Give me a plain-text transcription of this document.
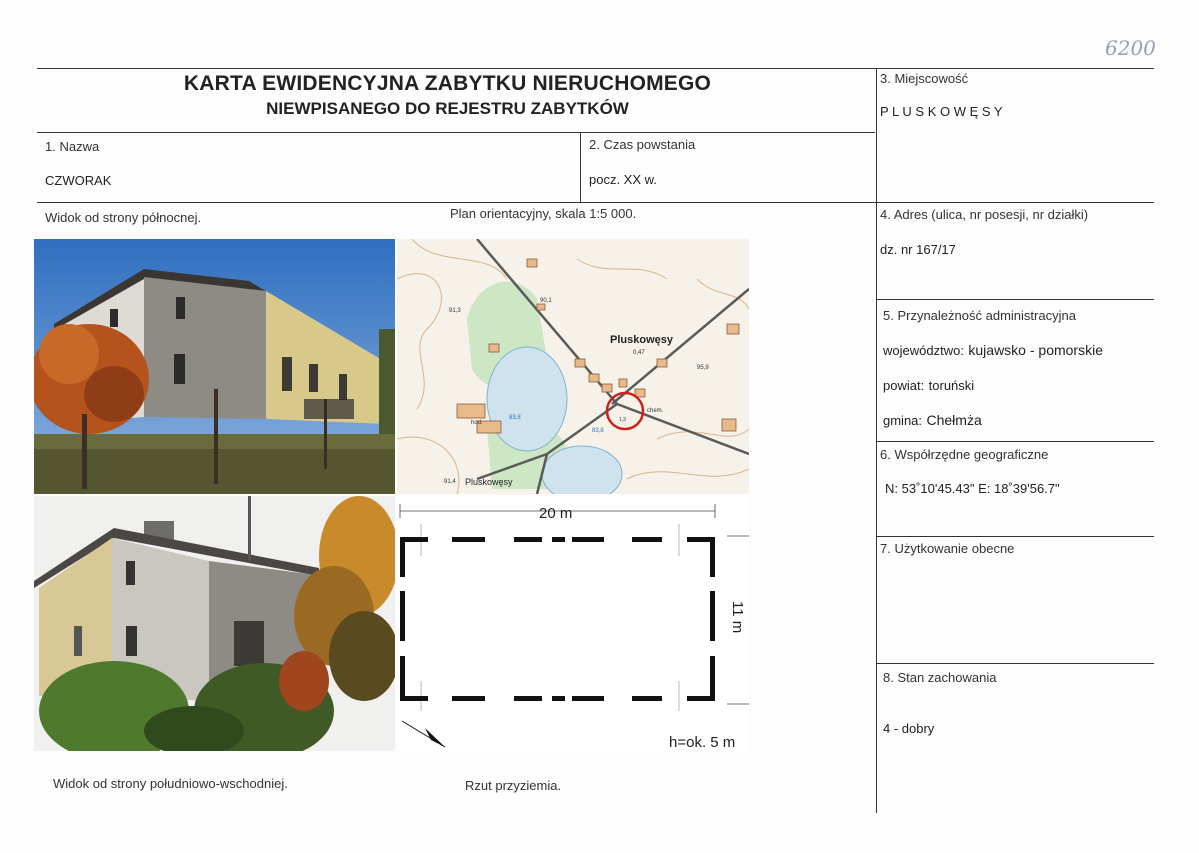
6200
KARTA EWIDENCYJNA ZABYTKU NIERUCHOMEGO
NIEWPISANEGO DO REJESTRU ZABYTKÓW
3. Miejscowość
P L U S K O W Ę S Y
1. Nazwa
CZWORAK
2. Czas powstania
pocz. XX w.
Widok od strony północnej.	Plan orientacyjny, skala 1:5 000.	4. Adres (ulica, nr posesji, nr działki)
dz. nr 167/17
5. Przynależność administracyjna
województwo: kujawsko - pomorskie
powiat: toruński
gmina: Chełmża
6. Współrzędne geograficzne
N: 53˚10'45.43" E: 18˚39'56.7"
7. Użytkowanie obecne
8. Stan zachowania
4 - dobry
Pluskowęsy
0,47
·91,3
90,1
95,9
83,8
83,8
hod.
chem.
1,3
·91,4 Pluskowęsy
20 m
11 m
h=ok. 5 m
Widok od strony południowo-wschodniej.	Rzut przyziemia.
